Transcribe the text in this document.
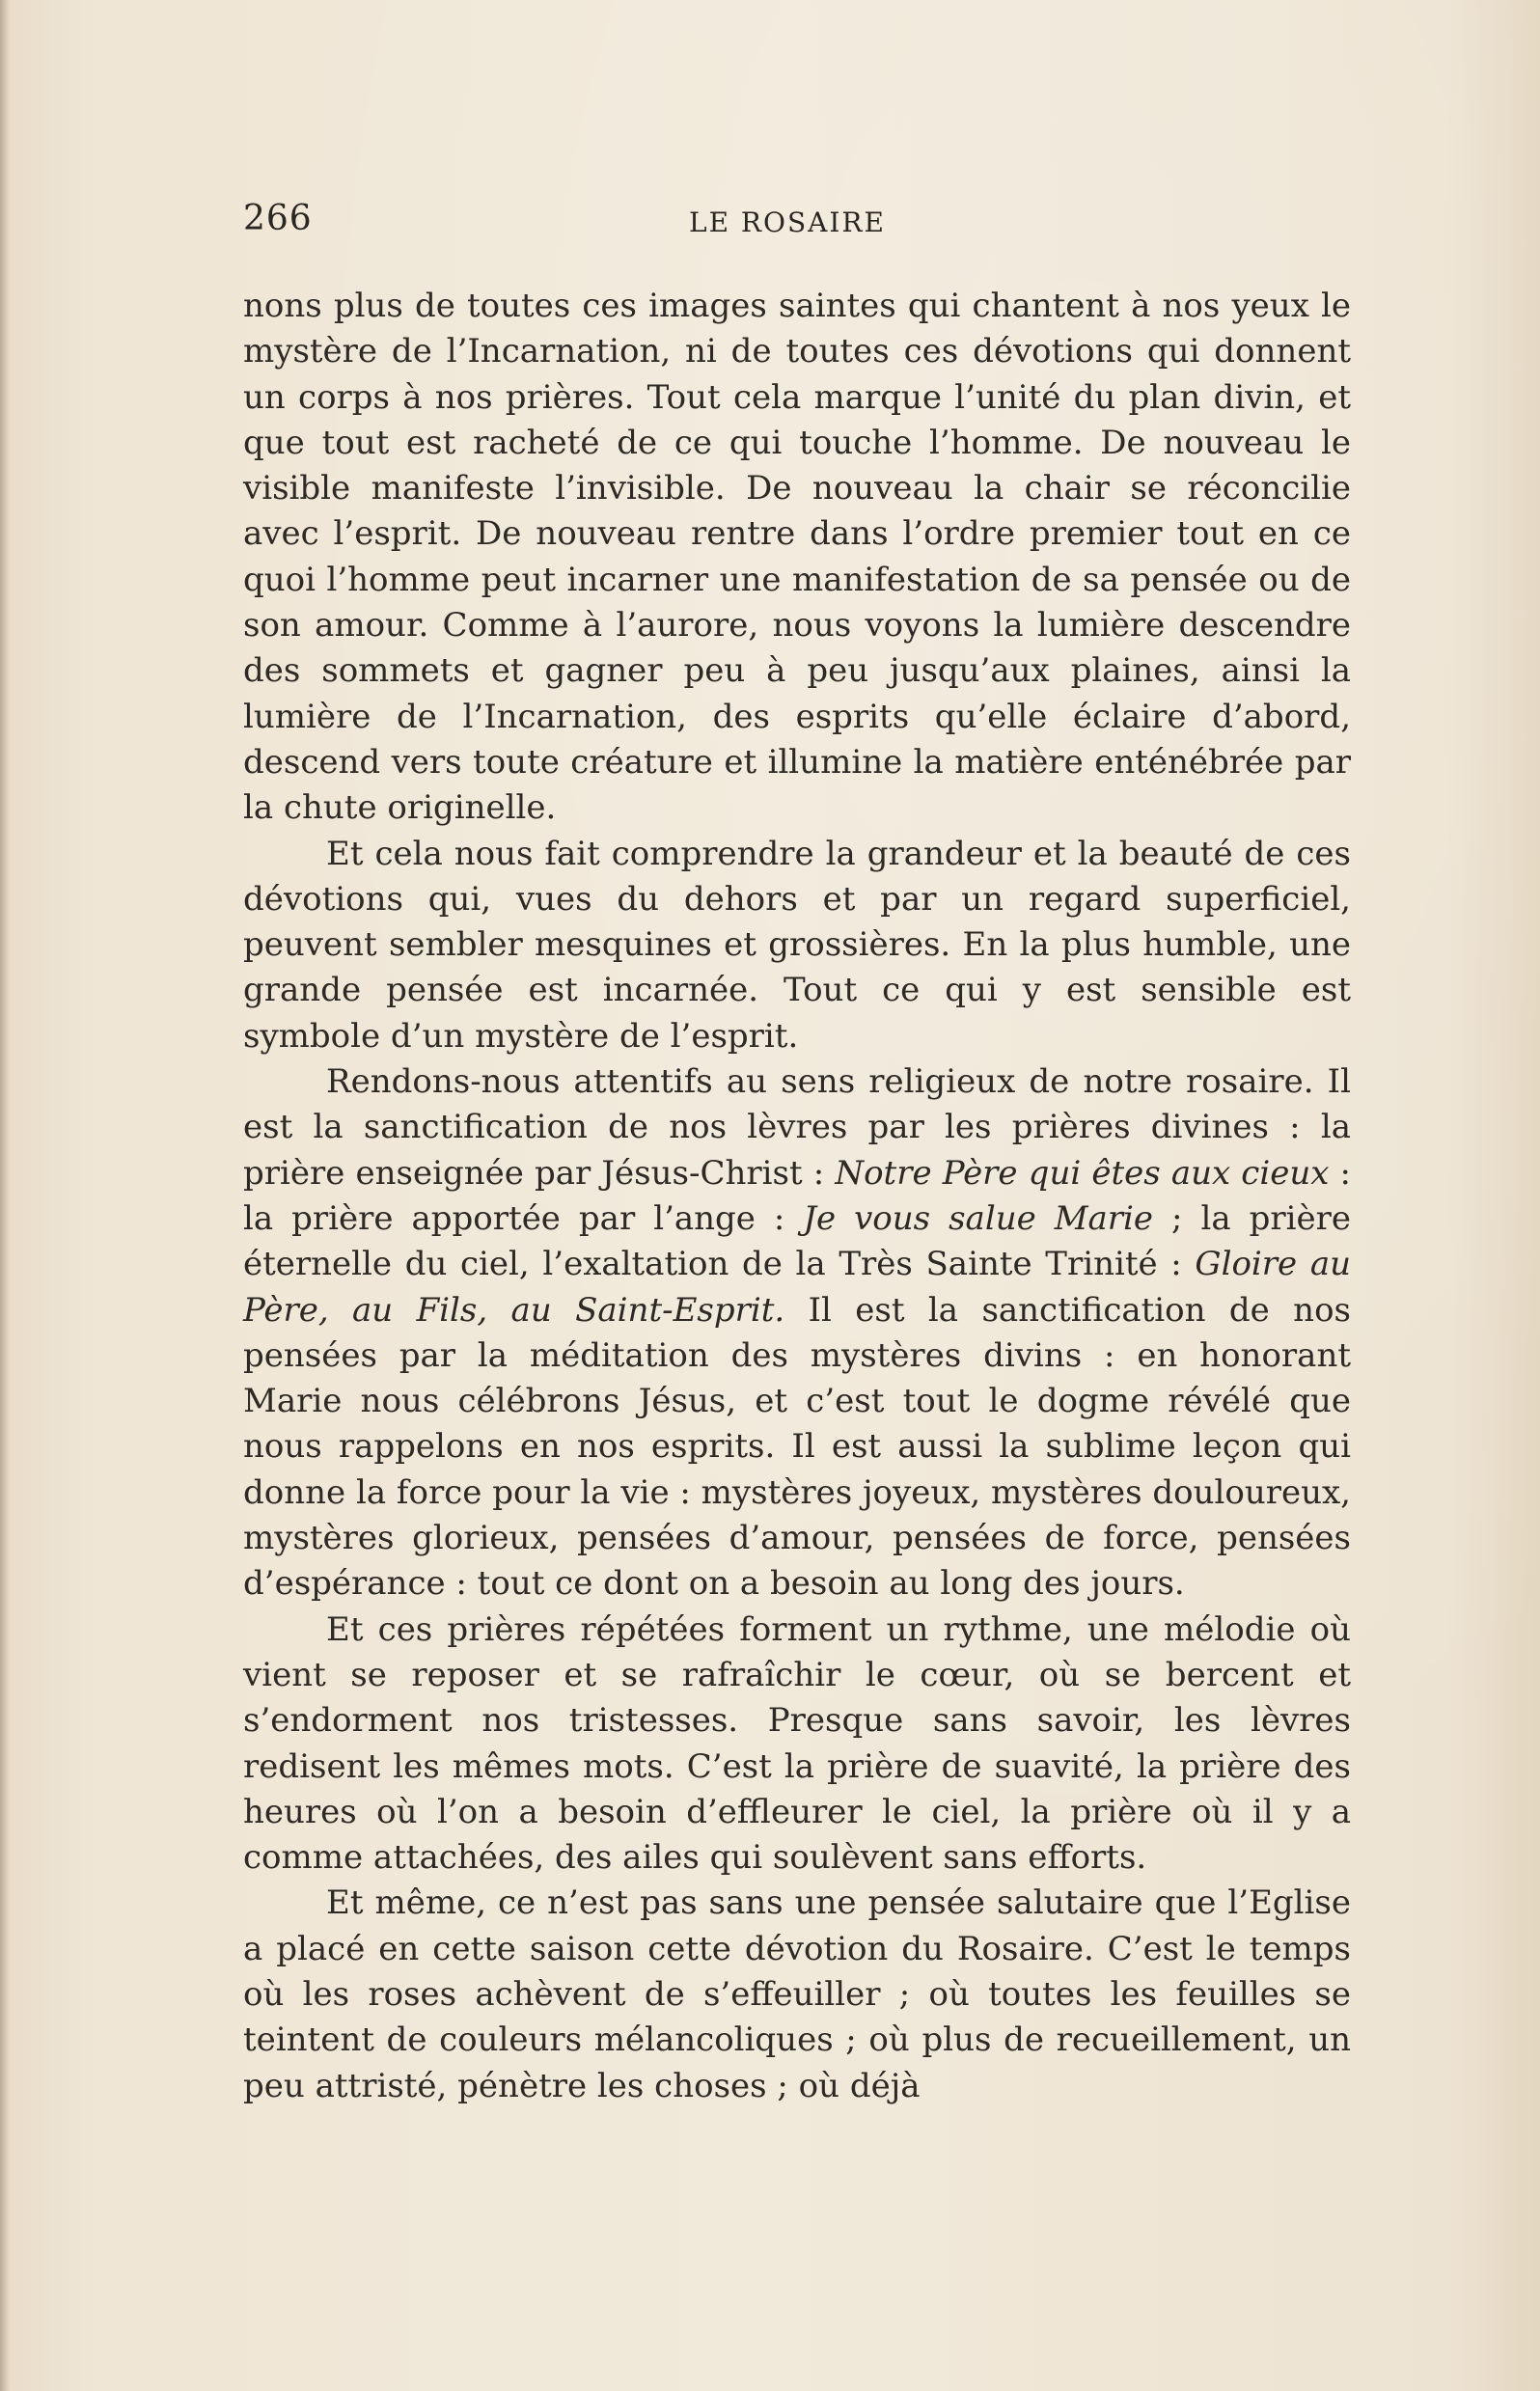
266	LE ROSAIRE

nons plus de toutes ces images saintes qui chantent à nos yeux le mystère de l’Incarnation, ni de toutes ces dévotions qui donnent un corps à nos prières. Tout cela marque l’unité du plan divin, et que tout est racheté de ce qui touche l’homme. De nouveau le visible manifeste l’invisible. De nouveau la chair se réconcilie avec l’esprit. De nouveau rentre dans l’ordre premier tout en ce quoi l’homme peut incarner une manifestation de sa pensée ou de son amour. Comme à l’aurore, nous voyons la lumière descendre des sommets et gagner peu à peu jusqu’aux plaines, ainsi la lumière de l’Incarnation, des esprits qu’elle éclaire d’abord, descend vers toute créature et illumine la matière enténébrée par la chute originelle.

Et cela nous fait comprendre la grandeur et la beauté de ces dévotions qui, vues du dehors et par un regard superficiel, peuvent sembler mesquines et grossières. En la plus humble, une grande pensée est incarnée. Tout ce qui y est sensible est symbole d’un mystère de l’esprit.

Rendons-nous attentifs au sens religieux de notre rosaire. Il est la sanctification de nos lèvres par les prières divines : la prière enseignée par Jésus-Christ : Notre Père qui êtes aux cieux : la prière apportée par l’ange : Je vous salue Marie ; la prière éternelle du ciel, l’exaltation de la Très Sainte Trinité : Gloire au Père, au Fils, au Saint-Esprit. Il est la sanctification de nos pensées par la méditation des mystères divins : en honorant Marie nous célébrons Jésus, et c’est tout le dogme révélé que nous rappelons en nos esprits. Il est aussi la sublime leçon qui donne la force pour la vie : mystères joyeux, mystères douloureux, mystères glorieux, pensées d’amour, pensées de force, pensées d’espérance : tout ce dont on a besoin au long des jours.

Et ces prières répétées forment un rythme, une mélodie où vient se reposer et se rafraîchir le cœur, où se bercent et s’endorment nos tristesses. Presque sans savoir, les lèvres redisent les mêmes mots. C’est la prière de suavité, la prière des heures où l’on a besoin d’effleurer le ciel, la prière où il y a comme attachées, des ailes qui soulèvent sans efforts.

Et même, ce n’est pas sans une pensée salutaire que l’Eglise a placé en cette saison cette dévotion du Rosaire. C’est le temps où les roses achèvent de s’effeuiller ; où toutes les feuilles se teintent de couleurs mélancoliques ; où plus de recueillement, un peu attristé, pénètre les choses ; où déjà
